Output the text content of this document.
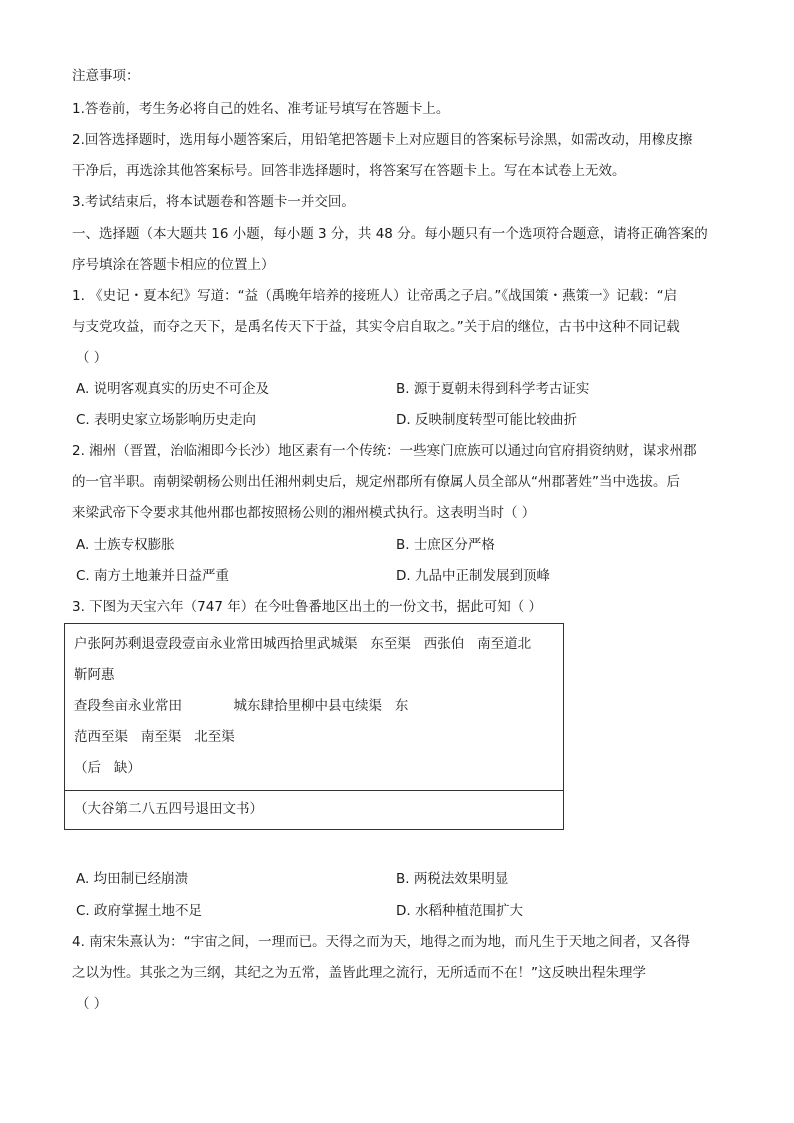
注意事项：
1.答卷前，考生务必将自己的姓名、准考证号填写在答题卡上。
2.回答选择题时，选用每小题答案后，用铅笔把答题卡上对应题目的答案标号涂黑，如需改动，用橡皮擦
干净后，再选涂其他答案标号。回答非选择题时，将答案写在答题卡上。写在本试卷上无效。
3.考试结束后，将本试题卷和答题卡一并交回。
一、选择题（本大题共 16 小题，每小题 3 分，共 48 分。每小题只有一个选项符合题意，请将正确答案的
序号填涂在答题卡相应的位置上）
1. 《史记・夏本纪》写道：“益（禹晚年培养的接班人）让帝禹之子启。”《战国策・燕策一》记载：“启
与支党攻益，而夺之天下，是禹名传天下于益，其实令启自取之。”关于启的继位，古书中这种不同记载
（ ）
A. 说明客观真实的历史不可企及	B. 源于夏朝未得到科学考古证实
C. 表明史家立场影响历史走向	D. 反映制度转型可能比较曲折
2. 湘州（晋置，治临湘即今长沙）地区素有一个传统：一些寒门庶族可以通过向官府捐资纳财，谋求州郡
的一官半职。南朝梁朝杨公则出任湘州刺史后，规定州郡所有僚属人员全部从“州郡著姓”当中选拔。后
来梁武帝下令要求其他州郡也都按照杨公则的湘州模式执行。这表明当时（ ）
A. 士族专权膨胀	B. 士庶区分严格
C. 南方土地兼并日益严重	D. 九品中正制发展到顶峰
3. 下图为天宝六年（747 年）在今吐鲁番地区出土的一份文书，据此可知（ ）
户张阿苏剩退壹段壹亩永业常田城西拾里武城渠   东至渠   西张伯   南至道北
靳阿惠
查段叁亩永业常田            城东肆拾里柳中县屯续渠   东
范西至渠   南至渠   北至渠
（后   缺）
（大谷第二八五四号退田文书）
A. 均田制已经崩溃	B. 两税法效果明显
C. 政府掌握土地不足	D. 水稻种植范围扩大
4. 南宋朱熹认为：“宇宙之间，一理而已。天得之而为天，地得之而为地，而凡生于天地之间者，又各得
之以为性。其张之为三纲，其纪之为五常，盖皆此理之流行，无所适而不在！”这反映出程朱理学
（ ）
